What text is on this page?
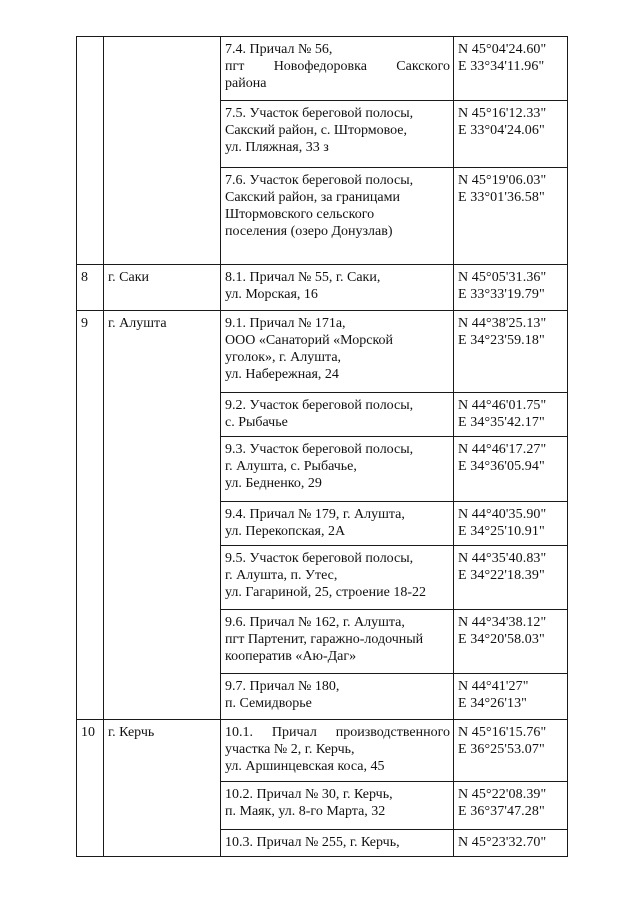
		7.4. Причал № 56,
пгт Новофедоровка Сакского
района	N 45°04'24.60"
E 33°34'11.96"

		7.5. Участок береговой полосы,
Сакский район, с. Штормовое,
ул. Пляжная, 33 з	N 45°16'12.33"
E 33°04'24.06"

		7.6. Участок береговой полосы,
Сакский район, за границами
Штормовского сельского
поселения (озеро Донузлав)	N 45°19'06.03"
E 33°01'36.58"

8	г. Саки	8.1. Причал № 55, г. Саки,
ул. Морская, 16	N 45°05'31.36"
E 33°33'19.79"

9	г. Алушта	9.1. Причал № 171а,
ООО «Санаторий «Морской
уголок», г. Алушта,
ул. Набережная, 24	N 44°38'25.13"
E 34°23'59.18"

		9.2. Участок береговой полосы,
с. Рыбачье	N 44°46'01.75"
E 34°35'42.17"

		9.3. Участок береговой полосы,
г. Алушта, с. Рыбачье,
ул. Бедненко, 29	N 44°46'17.27"
E 34°36'05.94"

		9.4. Причал № 179, г. Алушта,
ул. Перекопская, 2А	N 44°40'35.90"
E 34°25'10.91"

		9.5. Участок береговой полосы,
г. Алушта, п. Утес,
ул. Гагариной, 25, строение 18-22	N 44°35'40.83"
E 34°22'18.39"

		9.6. Причал № 162, г. Алушта,
пгт Партенит, гаражно-лодочный
кооператив «Аю-Даг»	N 44°34'38.12"
E 34°20'58.03"

		9.7. Причал № 180,
п. Семидворье	N 44°41'27"
E 34°26'13"

10	г. Керчь	10.1. Причал производственного
участка № 2, г. Керчь,
ул. Аршинцевская коса, 45	N 45°16'15.76"
E 36°25'53.07"

		10.2. Причал № 30, г. Керчь,
п. Маяк, ул. 8-го Марта, 32	N 45°22'08.39"
E 36°37'47.28"

		10.3. Причал № 255, г. Керчь,	N 45°23'32.70"
